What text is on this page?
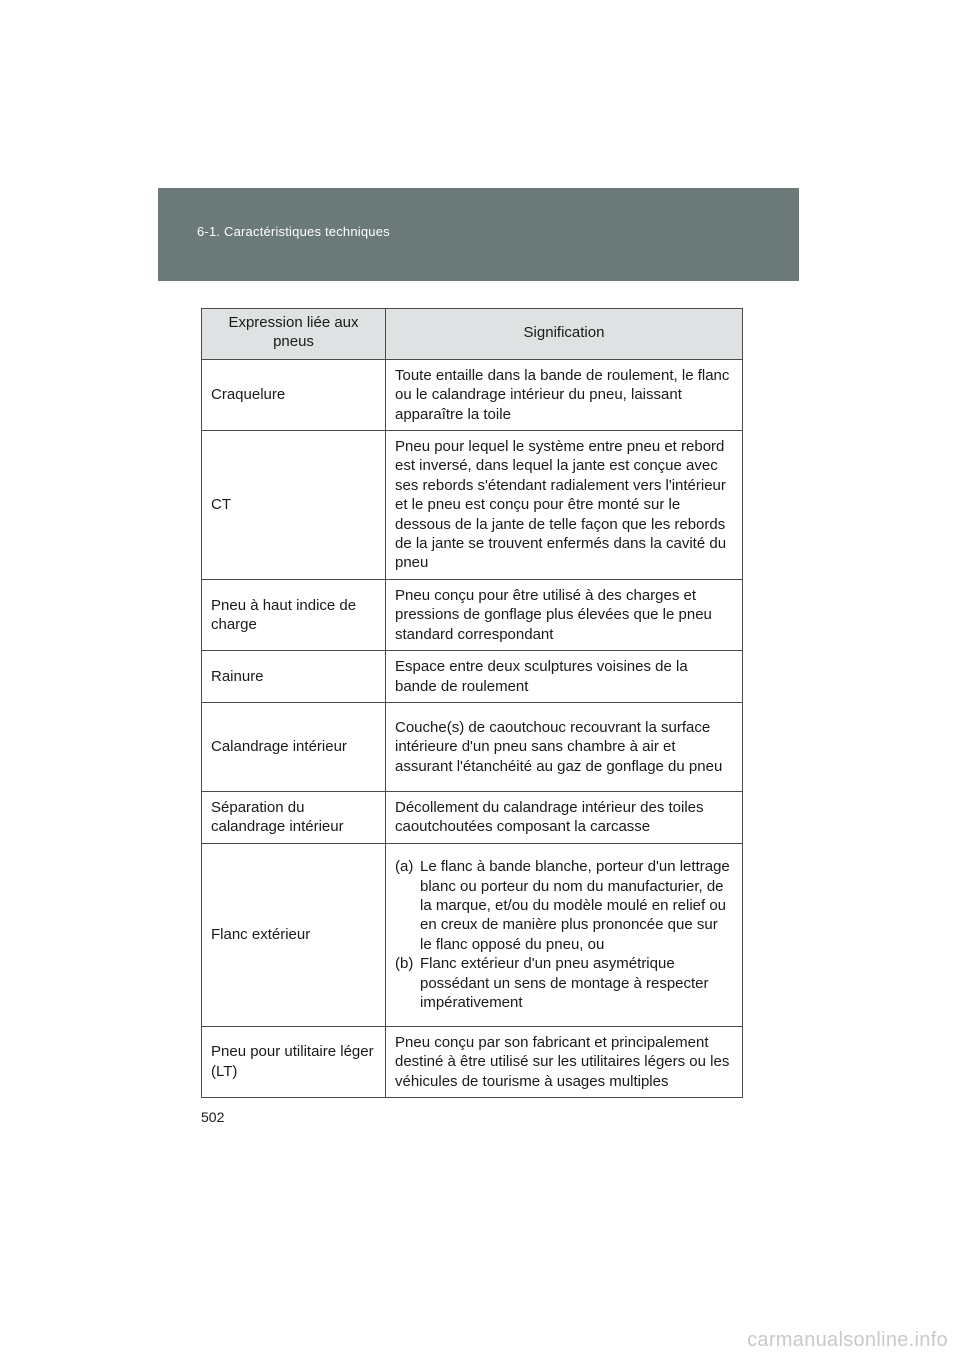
6-1. Caractéristiques techniques
Expression liée aux pneus	Signification
Craquelure	Toute entaille dans la bande de roulement, le flanc ou le calandrage intérieur du pneu, laissant apparaître la toile
CT	Pneu pour lequel le système entre pneu et rebord est inversé, dans lequel la jante est conçue avec ses rebords s'étendant radialement vers l'intérieur et le pneu est conçu pour être monté sur le dessous de la jante de telle façon que les rebords de la jante se trouvent enfermés dans la cavité du pneu
Pneu à haut indice de charge	Pneu conçu pour être utilisé à des charges et pressions de gonflage plus élevées que le pneu standard correspondant
Rainure	Espace entre deux sculptures voisines de la bande de roulement
Calandrage intérieur	Couche(s) de caoutchouc recouvrant la surface intérieure d'un pneu sans chambre à air et assurant l'étanchéité au gaz de gonflage du pneu
Séparation du calandrage intérieur	Décollement du calandrage intérieur des toiles caoutchoutées composant la carcasse
Flanc extérieur	(a) Le flanc à bande blanche, porteur d'un lettrage blanc ou porteur du nom du manufacturier, de la marque, et/ou du modèle moulé en relief ou en creux de manière plus prononcée que sur le flanc opposé du pneu, ou
(b) Flanc extérieur d'un pneu asymétrique possédant un sens de montage à respecter impérativement

Pneu pour utilitaire léger (LT)	Pneu conçu par son fabricant et principalement destiné à être utilisé sur les utilitaires légers ou les véhicules de tourisme à usages multiples
502
carmanualsonline.info
